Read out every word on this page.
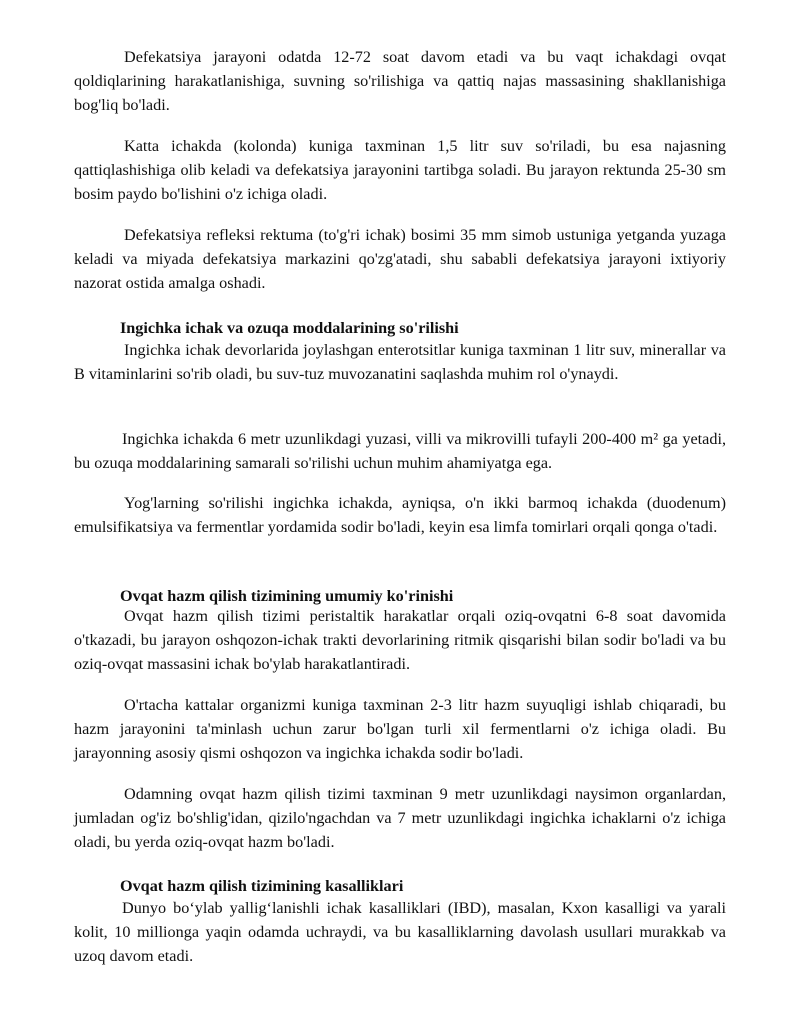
Defekatsiya jarayoni odatda 12-72 soat davom etadi va bu vaqt ichakdagi ovqat qoldiqlarining harakatlanishiga, suvning so'rilishiga va qattiq najas massasining shakllanishiga bog'liq bo'ladi.

Katta ichakda (kolonda) kuniga taxminan 1,5 litr suv so'riladi, bu esa najasning qattiqlashishiga olib keladi va defekatsiya jarayonini tartibga soladi. Bu jarayon rektunda 25-30 sm bosim paydo bo'lishini o'z ichiga oladi.

Defekatsiya refleksi rektuma (to'g'ri ichak) bosimi 35 mm simob ustuniga yetganda yuzaga keladi va miyada defekatsiya markazini qo'zg'atadi, shu sababli defekatsiya jarayoni ixtiyoriy nazorat ostida amalga oshadi.

Ingichka ichak va ozuqa moddalarining so'rilishi

Ingichka ichak devorlarida joylashgan enterotsitlar kuniga taxminan 1 litr suv, minerallar va B vitaminlarini so'rib oladi, bu suv-tuz muvozanatini saqlashda muhim rol o'ynaydi.

Ingichka ichakda 6 metr uzunlikdagi yuzasi, villi va mikrovilli tufayli 200-400 m² ga yetadi, bu ozuqa moddalarining samarali so'rilishi uchun muhim ahamiyatga ega.

Yog'larning so'rilishi ingichka ichakda, ayniqsa, o'n ikki barmoq ichakda (duodenum) emulsifikatsiya va fermentlar yordamida sodir bo'ladi, keyin esa limfa tomirlari orqali qonga o'tadi.

Ovqat hazm qilish tizimining umumiy ko'rinishi

Ovqat hazm qilish tizimi peristaltik harakatlar orqali oziq-ovqatni 6-8 soat davomida o'tkazadi, bu jarayon oshqozon-ichak trakti devorlarining ritmik qisqarishi bilan sodir bo'ladi va bu oziq-ovqat massasini ichak bo'ylab harakatlantiradi.

O'rtacha kattalar organizmi kuniga taxminan 2-3 litr hazm suyuqligi ishlab chiqaradi, bu hazm jarayonini ta'minlash uchun zarur bo'lgan turli xil fermentlarni o'z ichiga oladi. Bu jarayonning asosiy qismi oshqozon va ingichka ichakda sodir bo'ladi.

Odamning ovqat hazm qilish tizimi taxminan 9 metr uzunlikdagi naysimon organlardan, jumladan og'iz bo'shlig'idan, qizilo'ngachdan va 7 metr uzunlikdagi ingichka ichaklarni o'z ichiga oladi, bu yerda oziq-ovqat hazm bo'ladi.

Ovqat hazm qilish tizimining kasalliklari

Dunyo bo‘ylab yallig‘lanishli ichak kasalliklari (IBD), masalan, Kxon kasalligi va yarali kolit, 10 millionga yaqin odamda uchraydi, va bu kasalliklarning davolash usullari murakkab va uzoq davom etadi.
